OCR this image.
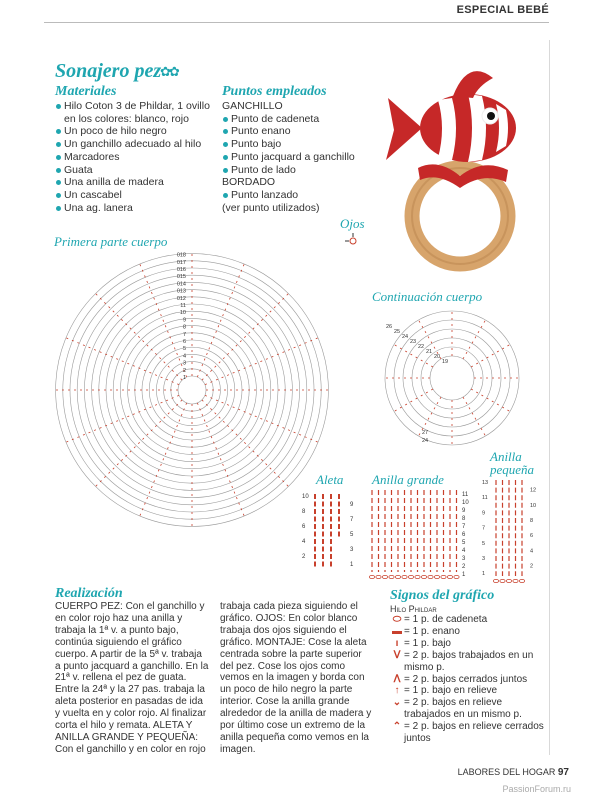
ESPECIAL BEBÉ
Sonajero pez
✿✿
Materiales
Hilo Coton 3 de Phildar, 1 ovillo en los colores: blanco, rojo
Un poco de hilo negro
Un ganchillo adecuado al hilo
Marcadores
Guata
Una anilla de madera
Un cascabel
Una ag. lanera
Puntos empleados
GANCHILLO
Punto de cadeneta
Punto enano
Punto bajo
Punto jacquard a ganchillo
Punto de lado
BORDADO
Punto lanzado
(ver punto utilizados)
Ojos
Primera parte cuerpo
018
017
016
015
014
013
012
11
10
9
8
7
6
5
4
3
2
1
Continuación cuerpo
26
25
24
23
22
21
20
19
27
24
Aleta
10
8
6
4
2
9
7
5
3
1
Anilla grande
11
10
9
8
7
6
5
4
3
2
1
Anilla pequeña
13
12
11
10
9
8
7
6
5
4
3
2
1
Realización
CUERPO PEZ: Con el ganchillo y en color rojo haz una anilla y trabaja la 1ª v. a punto bajo, continúa siguiendo el gráfico cuerpo. A partir de la 5ª v. trabaja a punto jacquard a ganchillo. En la 21ª v. rellena el pez de guata. Entre la 24ª y la 27 pas. trabaja la aleta posterior en pasadas de ida y vuelta en y color rojo. Al finalizar corta el hilo y remata. ALETA Y ANILLA GRANDE Y PEQUEÑA: Con el ganchillo y en color en rojo
trabaja cada pieza siguiendo el gráfico. OJOS: En color blanco trabaja dos ojos siguiendo el gráfico. MONTAJE: Cose la aleta centrada sobre la parte superior del pez. Cose los ojos como vemos en la imagen y borda con un poco de hilo negro la parte interior. Cose la anilla grande alrededor de la anilla de madera y por último cose un extremo de la anilla pequeña como vemos en la imagen.
Signos del gráfico
Hilo Phildar
⬭ = 1 p. de cadeneta
▬ = 1 p. enano
ı = 1 p. bajo
ᐯ = 2 p. bajos trabajados en un mismo p.
ᐱ = 2 p. bajos cerrados juntos
↑ = 1 p. bajo en relieve
⌄ = 2 p. bajos en relieve trabajados en un mismo p.
⌃ = 2 p. bajos en relieve cerrados juntos
LABORES DEL HOGAR 97
PassionForum.ru
